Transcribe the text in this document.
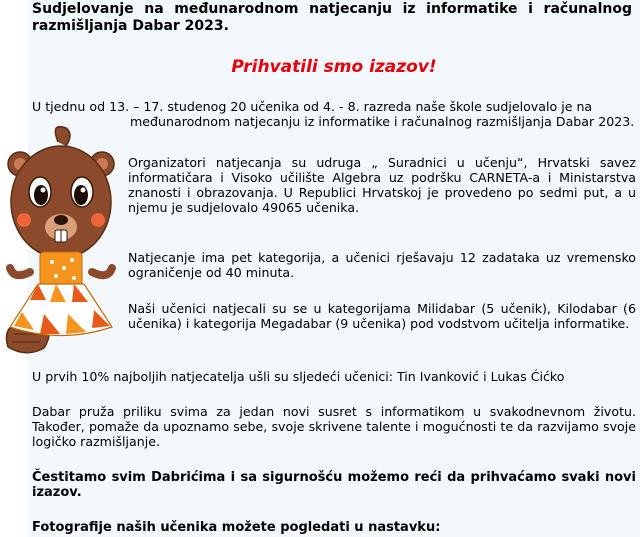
Sudjelovanje na međunarodnom natjecanju iz informatike i računalnog razmišljanja Dabar 2023.

Prihvatili smo izazov!

U tjednu od 13. – 17. studenog 20 učenika od 4. - 8. razreda naše škole sudjelovalo je na
međunarodnom natjecanju iz informatike i računalnog razmišljanja Dabar 2023.

Organizatori natjecanja su udruga „ Suradnici u učenju“, Hrvatski savez informatičara i Visoko učilište Algebra uz podršku CARNETA-a i Ministarstva znanosti i obrazovanja. U Republici Hrvatskoj je provedeno po sedmi put, a u njemu je sudjelovalo 49065 učenika.

Natjecanje ima pet kategorija, a učenici rješavaju 12 zadataka uz vremensko ograničenje od 40 minuta.

Naši učenici natjecali su se u kategorijama Milidabar (5 učenik), Kilodabar (6 učenika) i kategorija Megadabar (9 učenika) pod vodstvom učitelja informatike.

U prvih 10% najboljih natjecatelja ušli su sljedeći učenici: Tin Ivanković i Lukas Ćićko

Dabar pruža priliku svima za jedan novi susret s informatikom u svakodnevnom životu. Također, pomaže da upoznamo sebe, svoje skrivene talente i mogućnosti te da razvijamo svoje logičko razmišljanje.

Čestitamo svim Dabrićima i sa sigurnošću možemo reći da prihvaćamo svaki novi izazov.

Fotografije naših učenika možete pogledati u nastavku:
